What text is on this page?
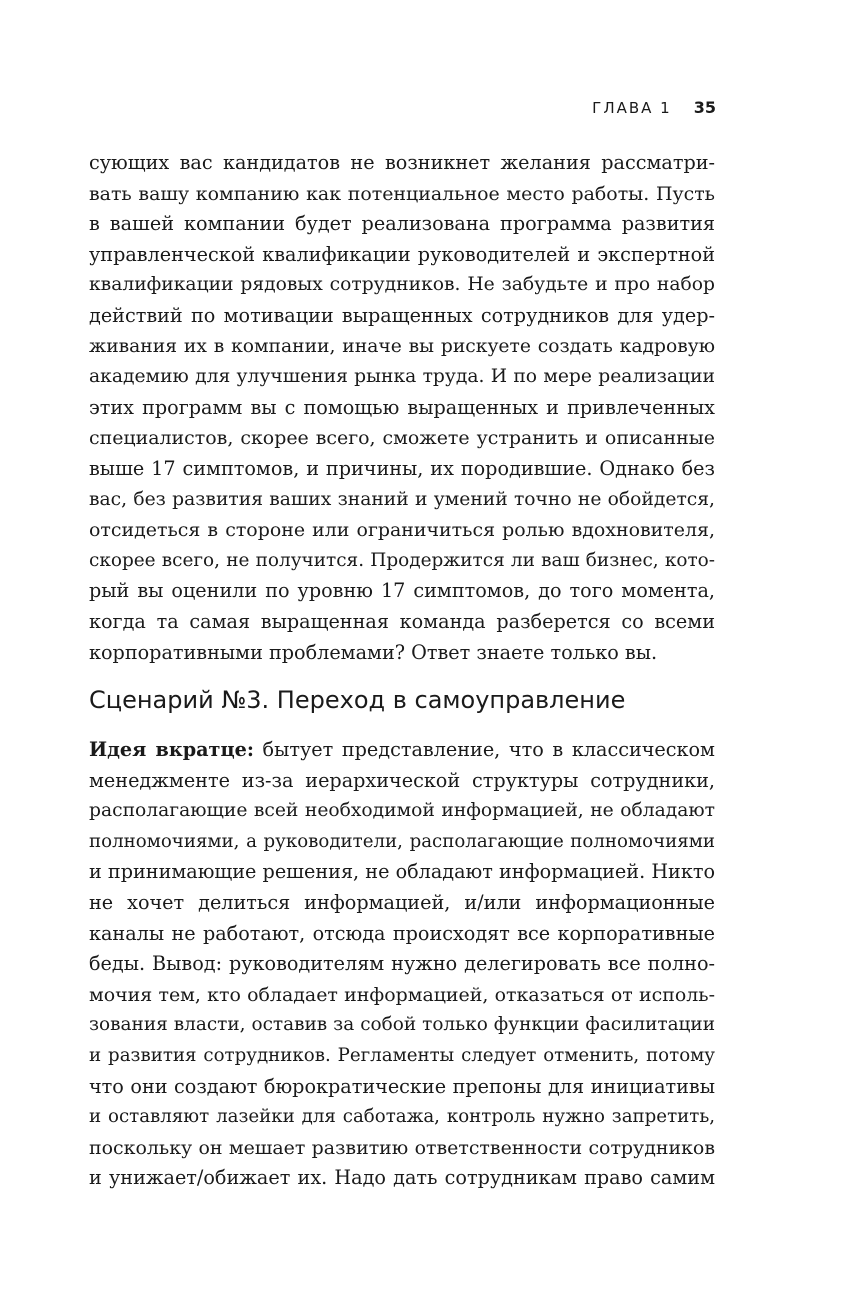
ГЛАВА 1 35
сующих вас кандидатов не возникнет желания рассматри-
вать вашу компанию как потенциальное место работы. Пусть
в вашей компании будет реализована программа развития
управленческой квалификации руководителей и экспертной
квалификации рядовых сотрудников. Не забудьте и про набор
действий по мотивации выращенных сотрудников для удер-
живания их в компании, иначе вы рискуете создать кадровую
академию для улучшения рынка труда. И по мере реализации
этих программ вы с помощью выращенных и привлеченных
специалистов, скорее всего, сможете устранить и описанные
выше 17 симптомов, и причины, их породившие. Однако без
вас, без развития ваших знаний и умений точно не обойдется,
отсидеться в стороне или ограничиться ролью вдохновителя,
скорее всего, не получится. Продержится ли ваш бизнес, кото-
рый вы оценили по уровню 17 симптомов, до того момента,
когда та самая выращенная команда разберется со всеми
корпоративными проблемами? Ответ знаете только вы.
Сценарий №3. Переход в самоуправление
Идея вкратце: бытует представление, что в классическом
менеджменте из-за иерархической структуры сотрудники,
располагающие всей необходимой информацией, не обладают
полномочиями, а руководители, располагающие полномочиями
и принимающие решения, не обладают информацией. Никто
не хочет делиться информацией, и/или информационные
каналы не работают, отсюда происходят все корпоративные
беды. Вывод: руководителям нужно делегировать все полно-
мочия тем, кто обладает информацией, отказаться от исполь-
зования власти, оставив за собой только функции фасилитации
и развития сотрудников. Регламенты следует отменить, потому
что они создают бюрократические препоны для инициативы
и оставляют лазейки для саботажа, контроль нужно запретить,
поскольку он мешает развитию ответственности сотрудников
и унижает/обижает их. Надо дать сотрудникам право самим
